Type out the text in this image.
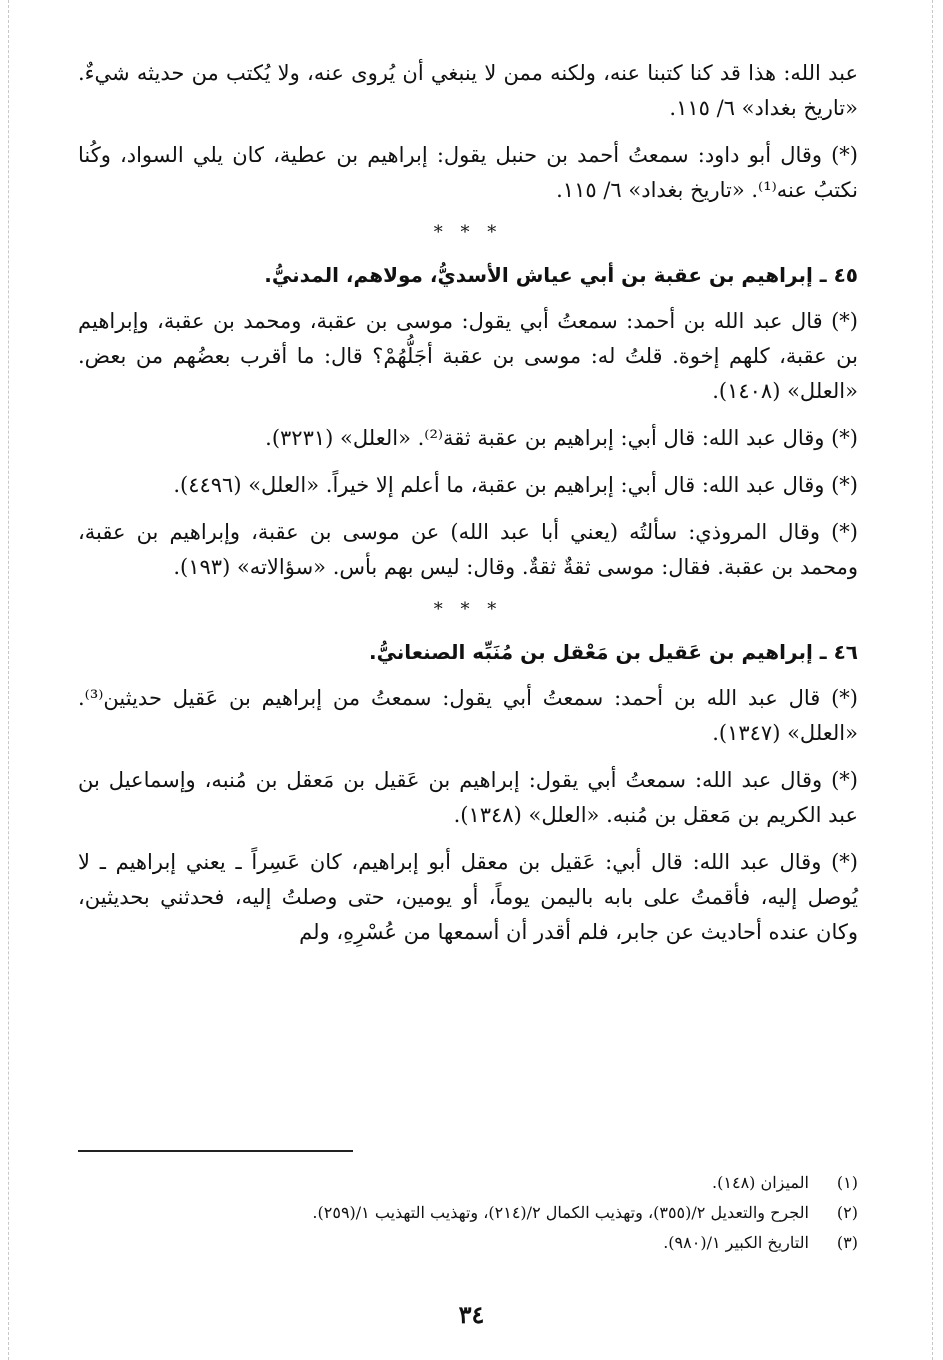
عبد الله: هذا قد كنا كتبنا عنه، ولكنه ممن لا ينبغي أن يُروى عنه، ولا يُكتب من حديثه شيءٌ. «تاريخ بغداد» ٦/ ١١٥.

(*) وقال أبو داود: سمعتُ أحمد بن حنبل يقول: إبراهيم بن عطية، كان يلي السواد، وكُنا نكتبُ عنه⁽¹⁾. «تاريخ بغداد» ٦/ ١١٥.

* * *
٤٥ ـ إبراهيم بن عقبة بن أبي عياش الأسديُّ، مولاهم، المدنيُّ.

(*) قال عبد الله بن أحمد: سمعتُ أبي يقول: موسى بن عقبة، ومحمد بن عقبة، وإبراهيم بن عقبة، كلهم إخوة. قلتُ له: موسى بن عقبة أجَلُّهُمْ؟ قال: ما أقرب بعضُهم من بعض. «العلل» (١٤٠٨).

(*) وقال عبد الله: قال أبي: إبراهيم بن عقبة ثقة⁽²⁾. «العلل» (٣٢٣١).

(*) وقال عبد الله: قال أبي: إبراهيم بن عقبة، ما أعلم إلا خيراً. «العلل» (٤٤٩٦).

(*) وقال المروذي: سألتُه (يعني أبا عبد الله) عن موسى بن عقبة، وإبراهيم بن عقبة، ومحمد بن عقبة. فقال: موسى ثقةٌ ثقةٌ. وقال: ليس بهم بأس. «سؤالاته» (١٩٣).

* * *
٤٦ ـ إبراهيم بن عَقيل بن مَعْقل بن مُنَبِّه الصنعانيُّ.

(*) قال عبد الله بن أحمد: سمعتُ أبي يقول: سمعتُ من إبراهيم بن عَقيل حديثين⁽³⁾. «العلل» (١٣٤٧).

(*) وقال عبد الله: سمعتُ أبي يقول: إبراهيم بن عَقيل بن مَعقل بن مُنبه، وإسماعيل بن عبد الكريم بن مَعقل بن مُنبه. «العلل» (١٣٤٨).

(*) وقال عبد الله: قال أبي: عَقيل بن معقل أبو إبراهيم، كان عَسِراً ـ يعني إبراهيم ـ لا يُوصل إليه، فأقمتُ على بابه باليمن يوماً، أو يومين، حتى وصلتُ إليه، فحدثني بحديثين، وكان عنده أحاديث عن جابر، فلم أقدر أن أسمعها من عُسْرِهِ، ولم

(١) الميزان (١٤٨).
(٢) الجرح والتعديل ٢/(٣٥٥)، وتهذيب الكمال ٢/(٢١٤)، وتهذيب التهذيب ١/(٢٥٩).
(٣) التاريخ الكبير ١/(٩٨٠).
٣٤
